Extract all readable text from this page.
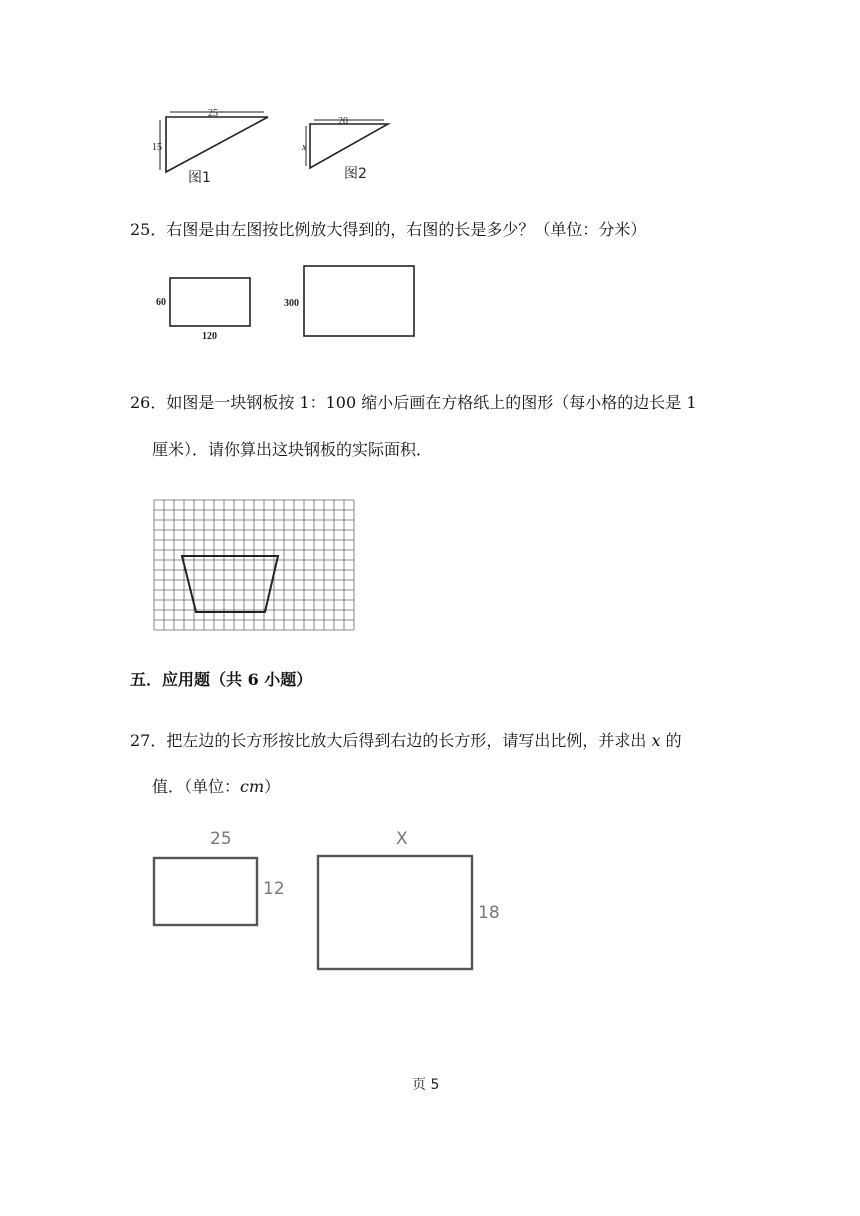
25
15
图1
20
x
图2
25．右图是由左图按比例放大得到的，右图的长是多少？（单位：分米）
60
120
300
26．如图是一块钢板按 1：100 缩小后画在方格纸上的图形（每小格的边长是 1
厘米）．请你算出这块钢板的实际面积．
五．应用题（共 6 小题）
27．把左边的长方形按比放大后得到右边的长方形，请写出比例，并求出 x 的
值．（单位：cm）
25
12
X
18
页 5
